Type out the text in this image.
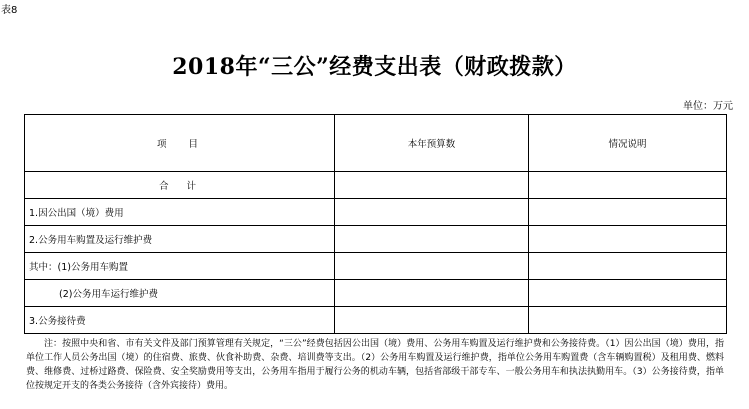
表8
2018年“三公”经费支出表（财政拨款）
单位：万元
项目	本年预算数	情况说明
合计		
1.因公出国（境）费用		
2.公务用车购置及运行维护费		
其中：(1)公务用车购置		
(2)公务用车运行维护费		
3.公务接待费		
注：按照中央和省、市有关文件及部门预算管理有关规定，“三公”经费包括因公出国（境）费用、公务用车购置及运行维护费和公务接待费。（1）因公出国（境）费用，指单位工作人员公务出国（境）的住宿费、旅费、伙食补助费、杂费、培训费等支出。（2）公务用车购置及运行维护费，指单位公务用车购置费（含车辆购置税）及租用费、燃料费、维修费、过桥过路费、保险费、安全奖励费用等支出，公务用车指用于履行公务的机动车辆，包括省部级干部专车、一般公务用车和执法执勤用车。（3）公务接待费，指单位按规定开支的各类公务接待（含外宾接待）费用。
